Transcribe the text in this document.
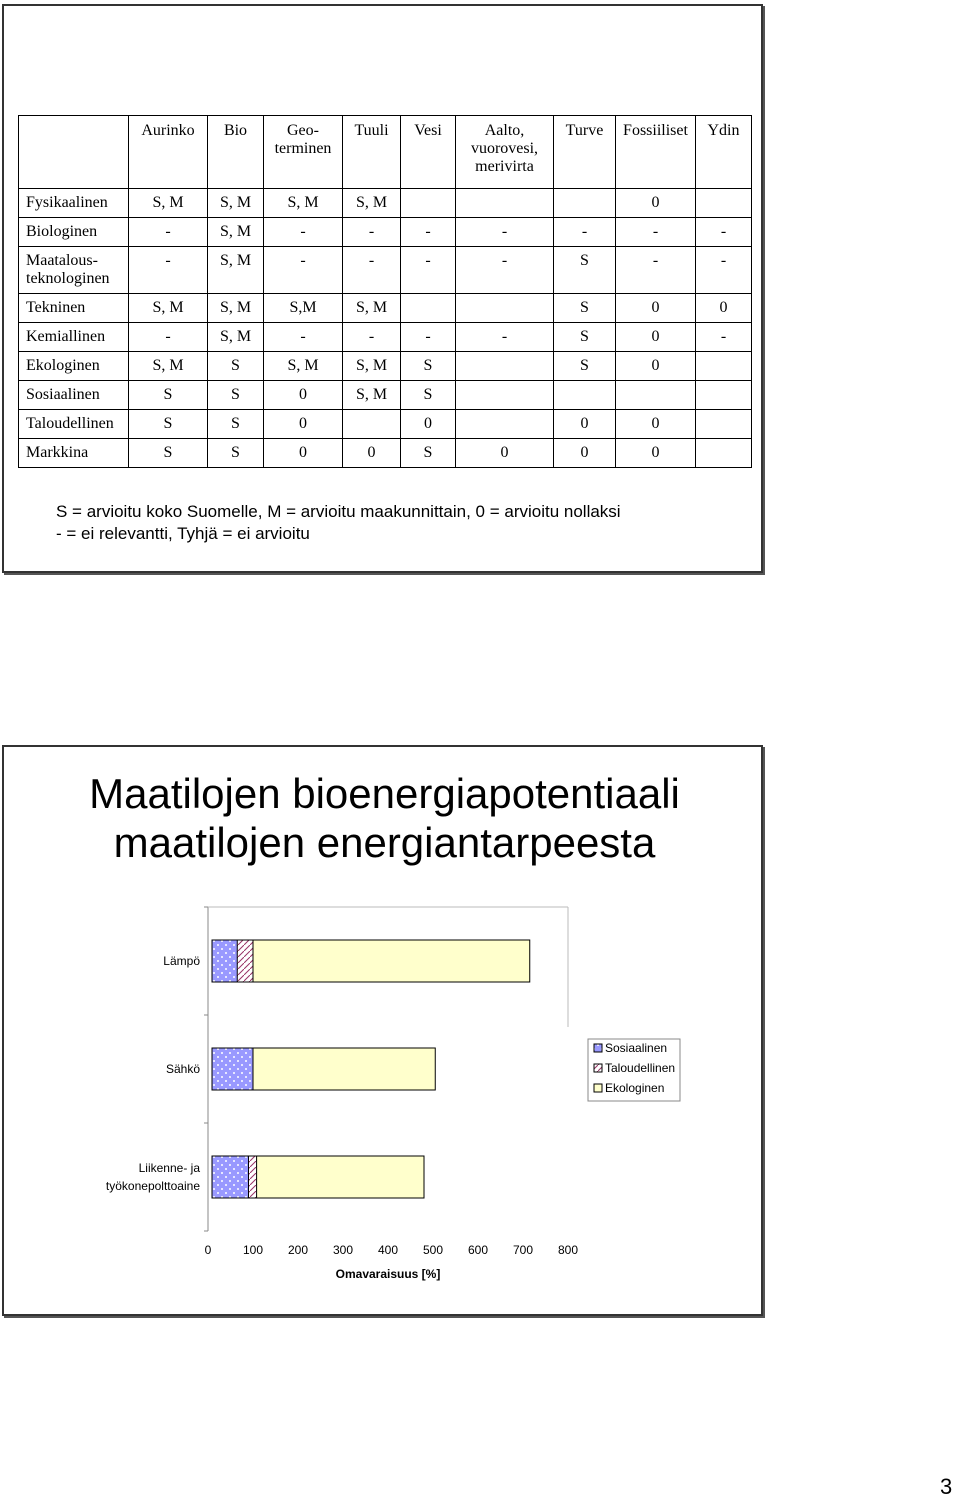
	Aurinko	Bio	Geo-
terminen	Tuuli	Vesi	Aalto,
vuorovesi,
merivirta	Turve	Fossiiliset	Ydin
Fysikaalinen	S, M	S, M	S, M	S, M				0	
Biologinen	-	S, M	-	-	-	-	-	-	-
Maatalous-
teknologinen	-	S, M	-	-	-	-	S	-	-
Tekninen	S, M	S, M	S,M	S, M			S	0	0
Kemiallinen	-	S, M	-	-	-	-	S	0	-
Ekologinen	S, M	S	S, M	S, M	S		S	0	
Sosiaalinen	S	S	0	S, M	S				
Taloudellinen	S	S	0		0		0	0	
Markkina	S	S	0	0	S	0	0	0	
S = arvioitu koko Suomelle, M = arvioitu maakunnittain, 0 = arvioitu nollaksi
- = ei relevantti, Tyhjä = ei arvioitu
Maatilojen bioenergiapotentiaali
maatilojen energiantarpeesta
Lämpö
Sähkö
Liikenne- ja
työkonepolttoaine
0	100 200 300 400 500 600 700 800
Omavaraisuus [%]
Sosiaalinen
Taloudellinen
Ekologinen
3
